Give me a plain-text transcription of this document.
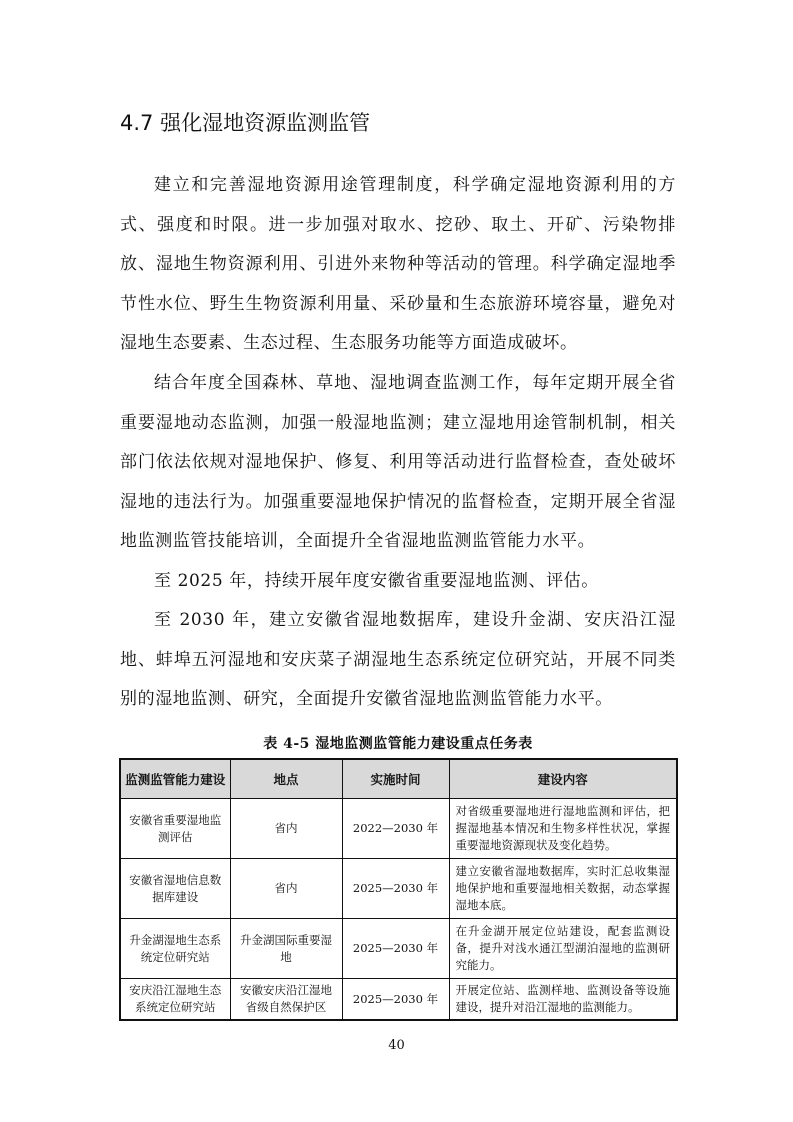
4.7 强化湿地资源监测监管

建立和完善湿地资源用途管理制度，科学确定湿地资源利用的方式、强度和时限。进一步加强对取水、挖砂、取土、开矿、污染物排放、湿地生物资源利用、引进外来物种等活动的管理。科学确定湿地季节性水位、野生生物资源利用量、采砂量和生态旅游环境容量，避免对湿地生态要素、生态过程、生态服务功能等方面造成破坏。

结合年度全国森林、草地、湿地调查监测工作，每年定期开展全省重要湿地动态监测，加强一般湿地监测；建立湿地用途管制机制，相关部门依法依规对湿地保护、修复、利用等活动进行监督检查，查处破坏湿地的违法行为。加强重要湿地保护情况的监督检查，定期开展全省湿地监测监管技能培训，全面提升全省湿地监测监管能力水平。

至 2025 年，持续开展年度安徽省重要湿地监测、评估。

至 2030 年，建立安徽省湿地数据库，建设升金湖、安庆沿江湿地、蚌埠五河湿地和安庆菜子湖湿地生态系统定位研究站，开展不同类别的湿地监测、研究，全面提升安徽省湿地监测监管能力水平。

表 4-5 湿地监测监管能力建设重点任务表

监测监管能力建设	地点	实施时间	建设内容
安徽省重要湿地监测评估	省内	2022—2030 年	对省级重要湿地进行湿地监测和评估，把握湿地基本情况和生物多样性状况，掌握重要湿地资源现状及变化趋势。
安徽省湿地信息数据库建设	省内	2025—2030 年	建立安徽省湿地数据库，实时汇总收集湿地保护地和重要湿地相关数据，动态掌握湿地本底。
升金湖湿地生态系统定位研究站	升金湖国际重要湿地	2025—2030 年	在升金湖开展定位站建设，配套监测设备，提升对浅水通江型湖泊湿地的监测研究能力。
安庆沿江湿地生态系统定位研究站	安徽安庆沿江湿地省级自然保护区	2025—2030 年	开展定位站、监测样地、监测设备等设施建设，提升对沿江湿地的监测能力。

40
